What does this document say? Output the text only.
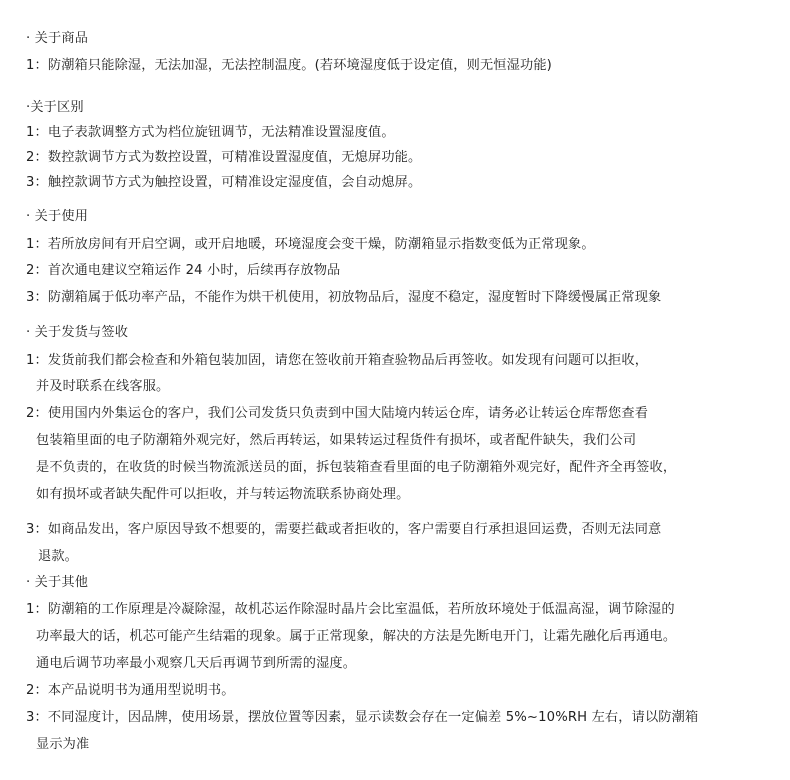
· 关于商品
1：防潮箱只能除湿，无法加湿，无法控制温度。(若环境湿度低于设定值，则无恒湿功能)
·关于区别
1：电子表款调整方式为档位旋钮调节，无法精准设置湿度值。
2：数控款调节方式为数控设置，可精准设置湿度值，无熄屏功能。
3：触控款调节方式为触控设置，可精准设定湿度值，会自动熄屏。
· 关于使用
1：若所放房间有开启空调，或开启地暖，环境湿度会变干燥，防潮箱显示指数变低为正常现象。
2：首次通电建议空箱运作 24 小时，后续再存放物品
3：防潮箱属于低功率产品，不能作为烘干机使用，初放物品后，湿度不稳定，湿度暂时下降缓慢属正常现象
· 关于发货与签收
1：发货前我们都会检查和外箱包装加固，请您在签收前开箱查验物品后再签收。如发现有问题可以拒收，
并及时联系在线客服。
2：使用国内外集运仓的客户，我们公司发货只负责到中国大陆境内转运仓库，请务必让转运仓库帮您查看
包装箱里面的电子防潮箱外观完好，然后再转运，如果转运过程货件有损坏，或者配件缺失，我们公司
是不负责的，在收货的时候当物流派送员的面，拆包装箱查看里面的电子防潮箱外观完好，配件齐全再签收，
如有损坏或者缺失配件可以拒收，并与转运物流联系协商处理。
3：如商品发出，客户原因导致不想要的，需要拦截或者拒收的，客户需要自行承担退回运费，否则无法同意
退款。
· 关于其他
1：防潮箱的工作原理是冷凝除湿，故机芯运作除湿时晶片会比室温低，若所放环境处于低温高湿，调节除湿的
功率最大的话，机芯可能产生结霜的现象。属于正常现象，解决的方法是先断电开门，让霜先融化后再通电。
通电后调节功率最小观察几天后再调节到所需的湿度。
2：本产品说明书为通用型说明书。
3：不同湿度计，因品牌，使用场景，摆放位置等因素，显示读数会存在一定偏差 5%~10%RH 左右，请以防潮箱
显示为准
